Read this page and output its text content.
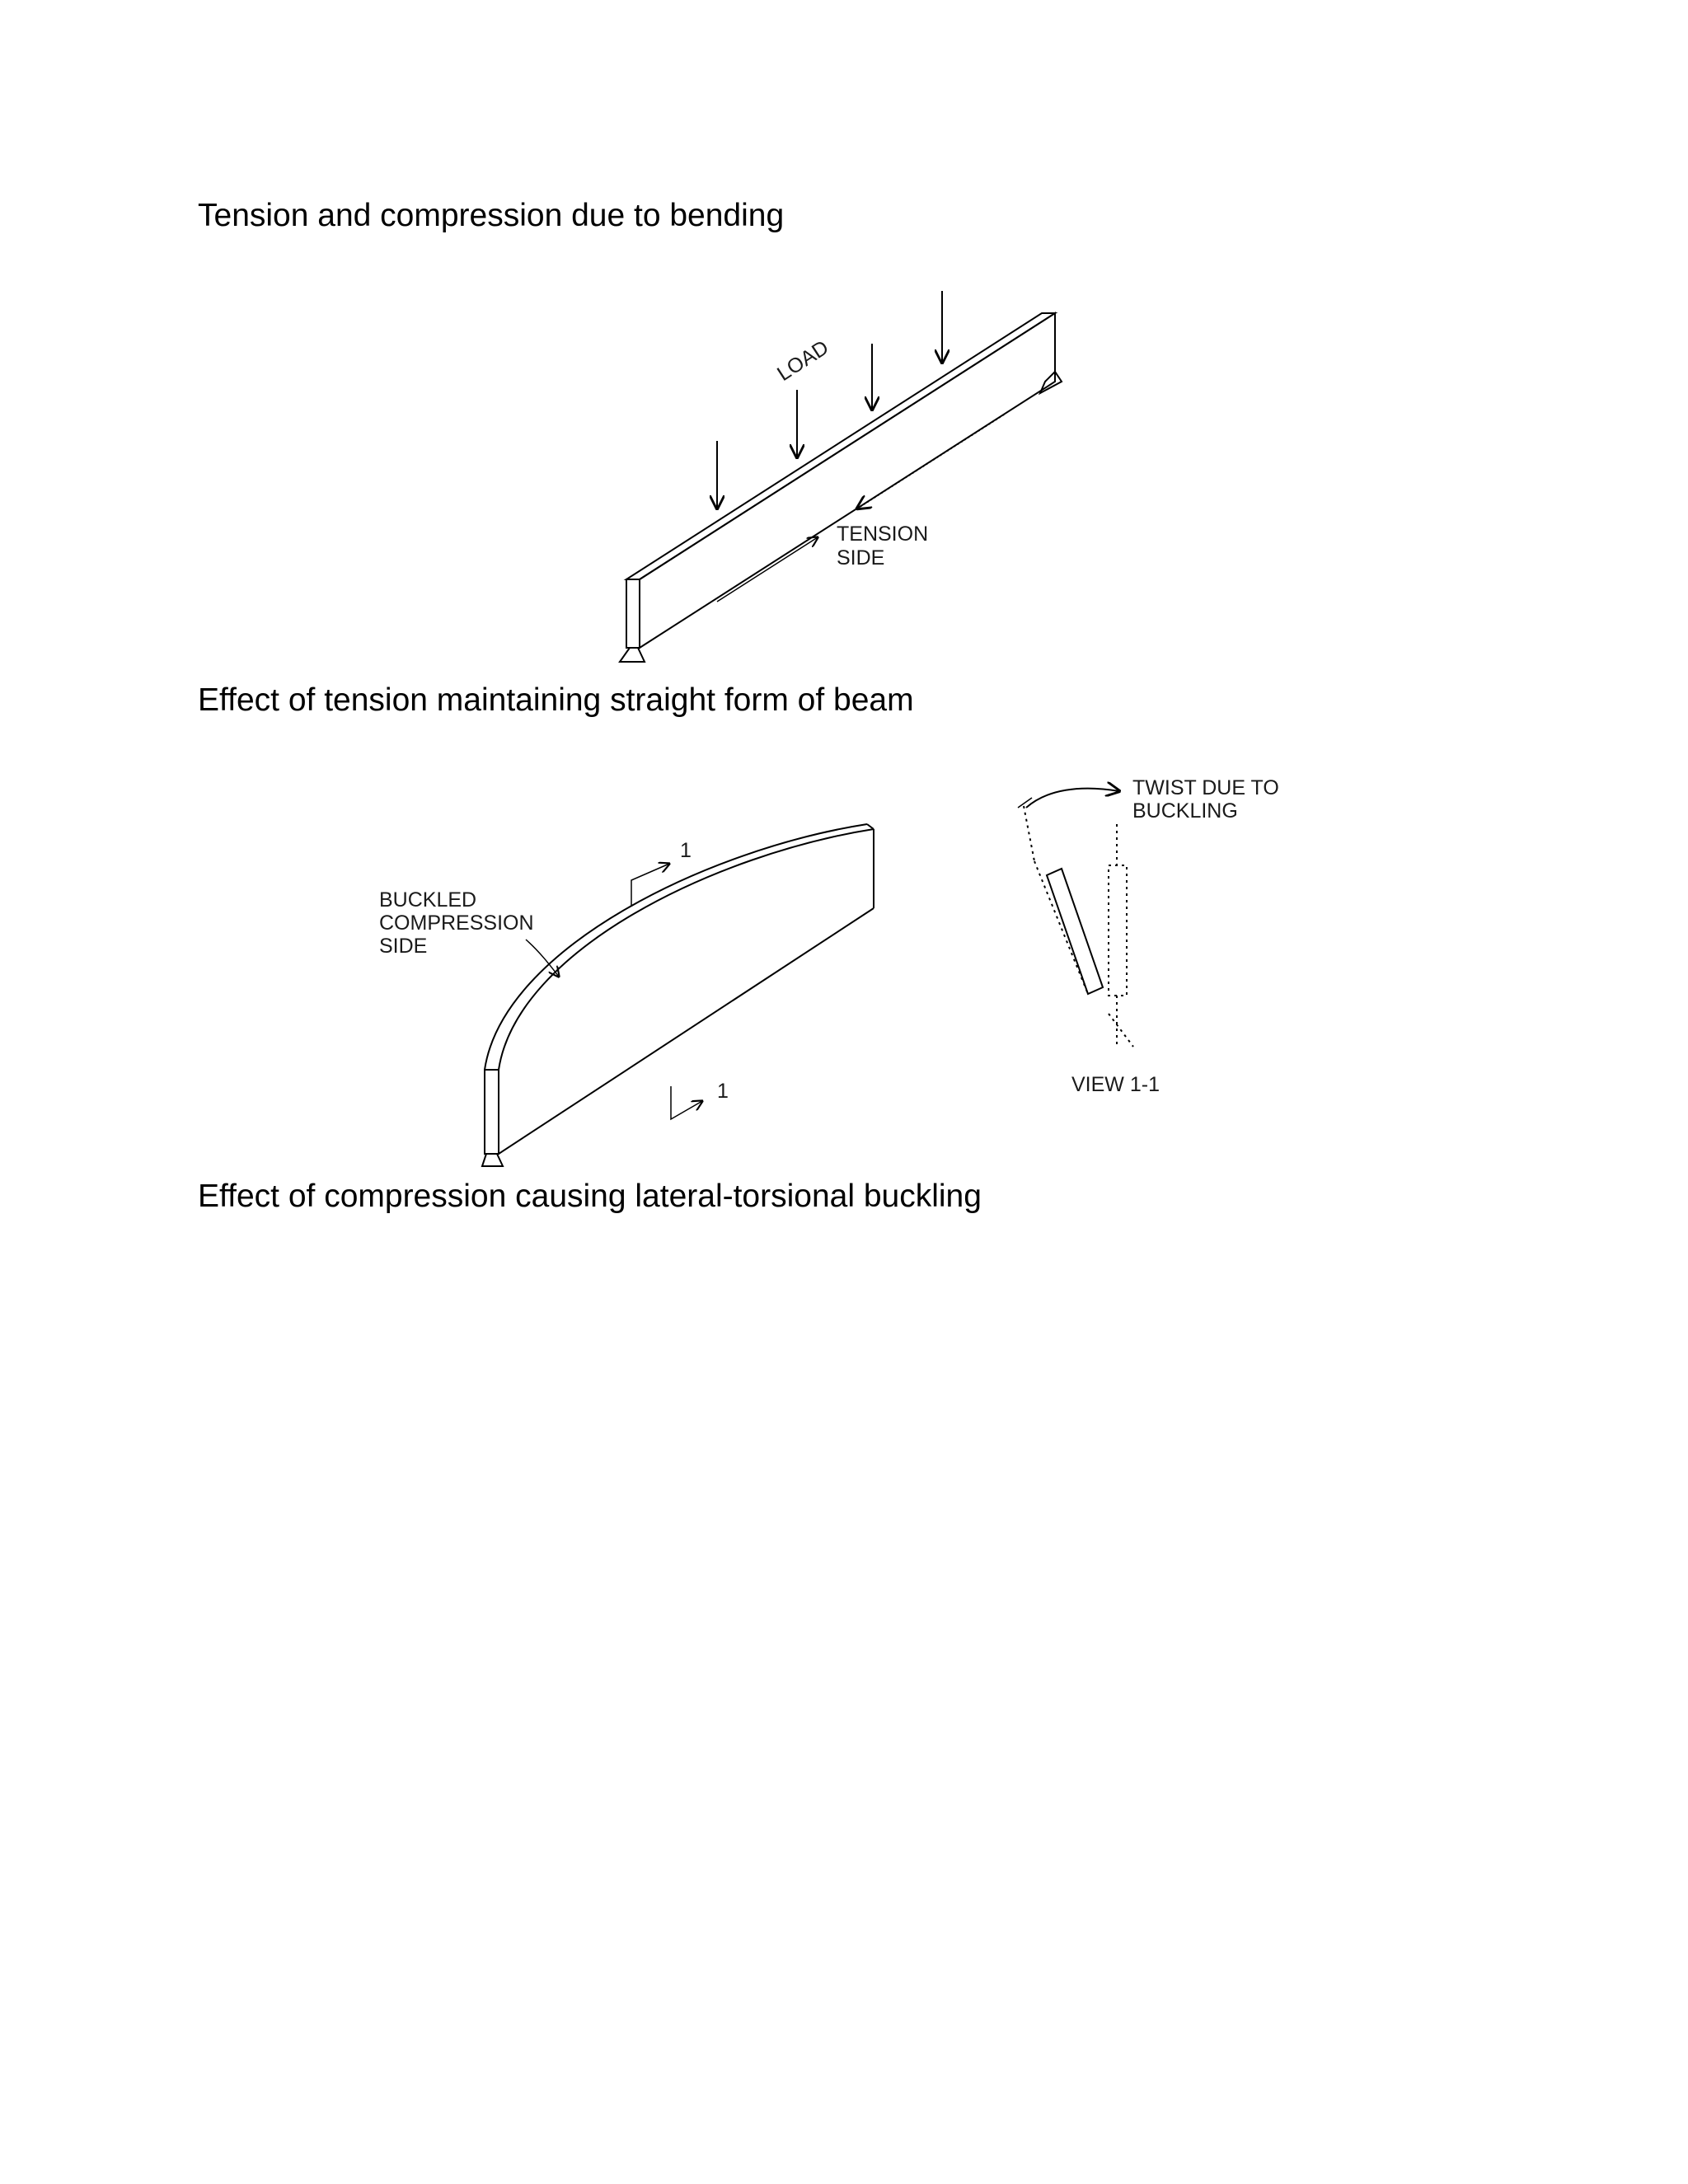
Tension and compression due to bending

LOAD
TENSION
SIDE

Effect of tension maintaining straight form of beam

1
1
BUCKLED
COMPRESSION
SIDE
TWIST DUE TO
BUCKLING
VIEW 1-1

Effect of compression causing lateral-torsional buckling
